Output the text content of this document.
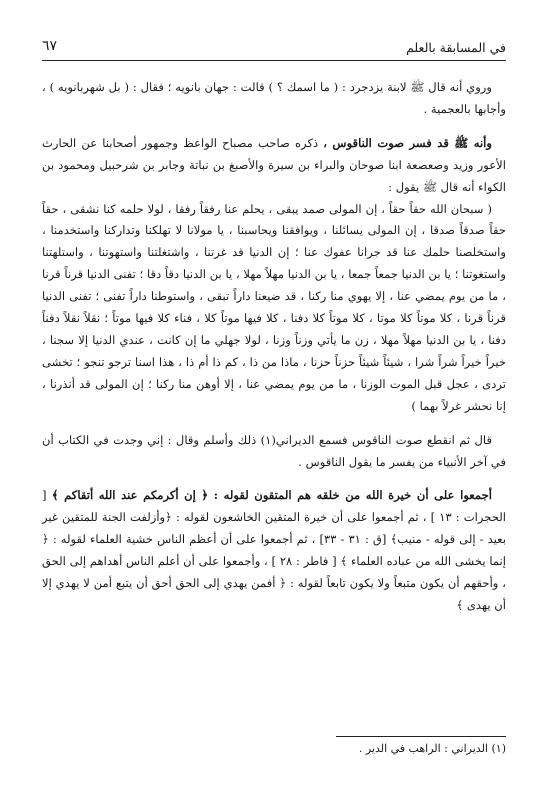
في المسابقة بالعلم
٦٧

وروي أنه قال ﷺ لابنة يزدجرد : ( ما اسمك ؟ ) قالت : جهان بانويه ؛ فقال : ( بل شهربانويه ) ، وأجابها بالعجمية .

وأنه ﷺ قد فسر صوت الناقوس ، ذكره صاحب مصباح الواعظ وجمهور أصحابنا عن الحارث الأعور وزيد وصعصعة ابنا صوحان والبراء بن سيرة والأصبغ بن نباتة وجابر بن شرحبيل ومحمود بن الكواء أنه قال ﷺ يقول :

( سبحان الله حقاً حقاً ، إن المولى صمد يبقى ، يحلم عنا رفقاً رفقا ، لولا حلمه كنا نشقى ، حقاً حقاً صدقاً صدقا ، إن المولى يسائلنا ، ويوافقنا ويحاسبنا ، يا مولانا لا تهلكنا وتداركنا واستخدمنا ، واستخلصنا حلمك عنا قد جرانا عفوك عنا ؛ إن الدنيا قد غرتنا ، واشتغلتنا واستهوتنا ، واستلهتنا واستغوتنا ؛ يا بن الدنيا جمعاً جمعا ، يا بن الدنيا مهلاً مهلا ، يا بن الدنيا دقاً دقا ؛ تفنى الدنيا قرناً قرنا ، ما من يوم يمضي عنا ، إلا يهوي منا ركنا ، قد ضيعنا داراً تبقى ، واستوطنا داراً تفنى ؛ تفنى الدنيا قرناً قرنا ، كلا موتاً كلا موتا ، كلا موتاً كلا دفنا ، كلا فيها موتاً كلا ، فناء كلا فيها موتاً ؛ نقلاً نقلاً دفناً دفنا ، يا بن الدنيا مهلاً مهلا ، زن ما يأتي وزناً وزنا ، لولا جهلي ما إن كانت ، عندي الدنيا إلا سجنا ، خيراً خيراً شراً شرا ، شيئاً شيئاً حزناً حزنا ، ماذا من ذا ، كم ذا أم ذا ، هذا اسنا ترجو تنجو ؛ تخشى تردى ، عجل قبل الموت الوزنا ، ما من يوم يمضي عنا ، إلا أوهن منا ركنا ؛ إن المولى قد أنذرنا ، إنا نحشر غرلاً بهما )

قال ثم انقطع صوت الناقوس فسمع الديراني(١) ذلك وأسلم وقال : إني وجدت في الكتاب أن في آخر الأنبياء من يفسر ما يقول الناقوس .

أجمعوا على أن خيرة الله من خلقه هم المتقون لقوله : ﴿ إن أكرمكم عند الله أتقاكم ﴾ [ الحجرات : ١٣ ] ، ثم أجمعوا على أن خيرة المتقين الخاشعون لقوله : ﴿وأزلفت الجنة للمتقين غير بعيد - إلى قوله - منيب﴾ [ق : ٣١ - ٣٣] ، ثم أجمعوا على أن أعظم الناس خشية العلماء لقوله : ﴿ إنما يخشى الله من عباده العلماء ﴾ [ فاطر : ٢٨ ] ، وأجمعوا على أن أعلم الناس أهداهم إلى الحق ، وأحقهم أن يكون متبعاً ولا يكون تابعاً لقوله : ﴿ أفمن يهدي إلى الحق أحق أن يتبع أمن لا يهدي إلا أن يهدى ﴾

(١) الديراني : الراهب في الدير .
